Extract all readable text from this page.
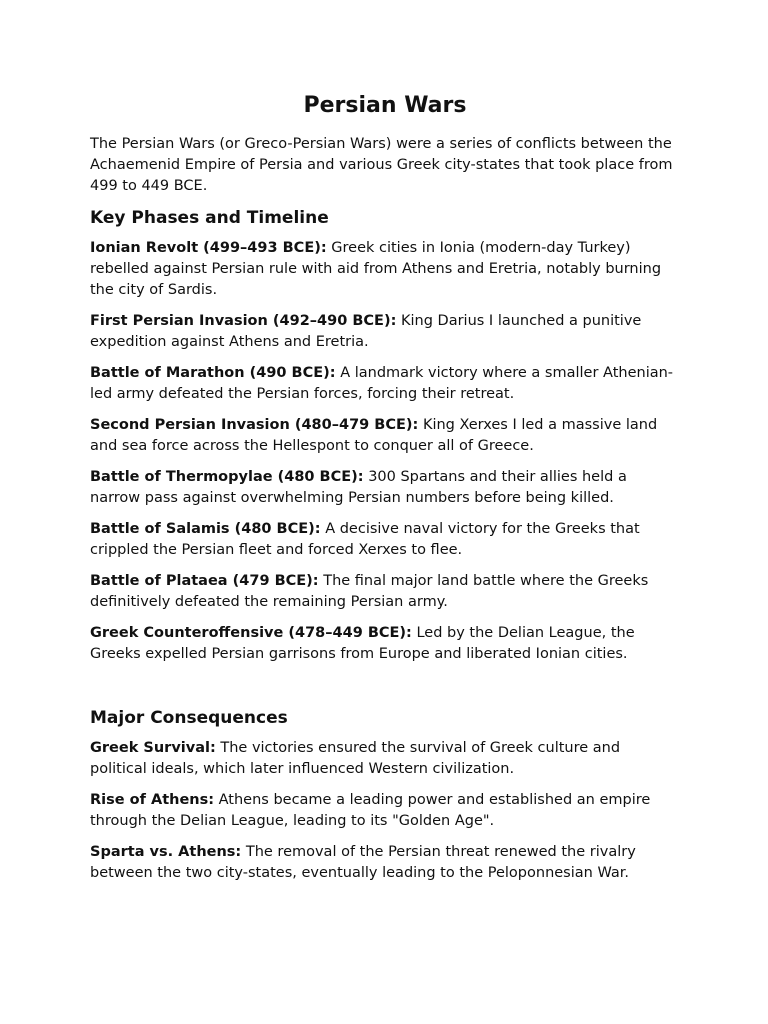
Persian Wars

The Persian Wars (or Greco-Persian Wars) were a series of conflicts between the Achaemenid Empire of Persia and various Greek city-states that took place from 499 to 449 BCE.

Key Phases and Timeline

Ionian Revolt (499–493 BCE): Greek cities in Ionia (modern-day Turkey) rebelled against Persian rule with aid from Athens and Eretria, notably burning the city of Sardis.

First Persian Invasion (492–490 BCE): King Darius I launched a punitive expedition against Athens and Eretria.

Battle of Marathon (490 BCE): A landmark victory where a smaller Athenian-led army defeated the Persian forces, forcing their retreat.

Second Persian Invasion (480–479 BCE): King Xerxes I led a massive land and sea force across the Hellespont to conquer all of Greece.

Battle of Thermopylae (480 BCE): 300 Spartans and their allies held a narrow pass against overwhelming Persian numbers before being killed.

Battle of Salamis (480 BCE): A decisive naval victory for the Greeks that crippled the Persian fleet and forced Xerxes to flee.

Battle of Plataea (479 BCE): The final major land battle where the Greeks definitively defeated the remaining Persian army.

Greek Counteroffensive (478–449 BCE): Led by the Delian League, the Greeks expelled Persian garrisons from Europe and liberated Ionian cities.

Major Consequences

Greek Survival: The victories ensured the survival of Greek culture and political ideals, which later influenced Western civilization.

Rise of Athens: Athens became a leading power and established an empire through the Delian League, leading to its "Golden Age".

Sparta vs. Athens: The removal of the Persian threat renewed the rivalry between the two city-states, eventually leading to the Peloponnesian War.
